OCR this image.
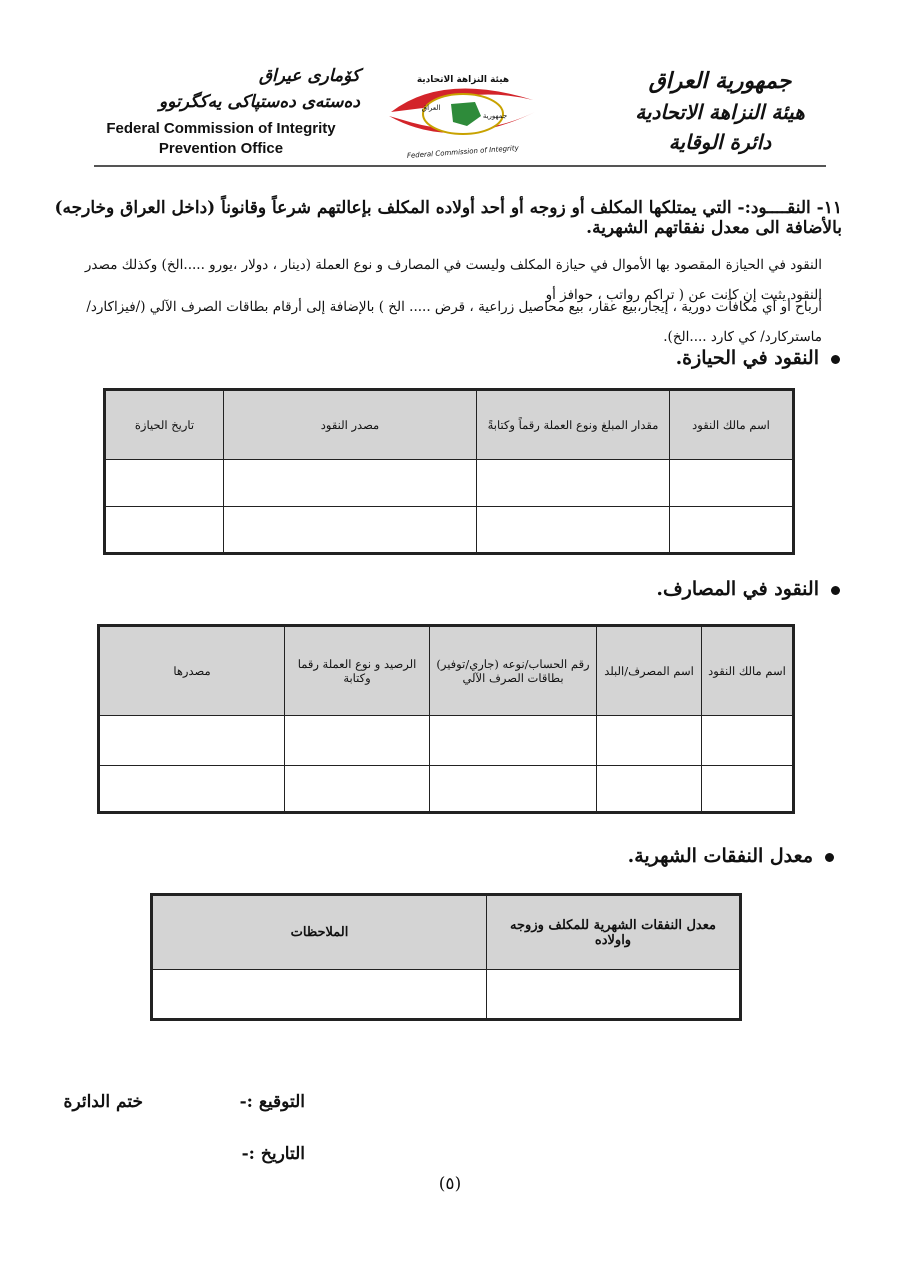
كۆمارى عيراق
دەستەى دەستپاكى يەكگرتوو
Federal Commission of Integrity
Prevention Office
هيئة النزاهة الاتحادية
Federal Commission of Integrity
جمهورية
العراق
جمهورية العراق
هيئة النزاهة الاتحادية
دائرة الوقاية
١١- النقــــود:- التي يمتلكها المكلف أو زوجه أو أحد أولاده المكلف بإعالتهم شرعاً وقانوناً (داخل العراق وخارجه) بالأضافة الى معدل نفقاتهم الشهرية.
النقود في الحيازة المقصود بها الأموال في حيازة المكلف وليست في المصارف و نوع العملة (دينار ، دولار ،يورو .....الخ) وكذلك مصدر النقود يثبت إن كانت عن ( تراكم رواتب ، حوافز أو
أرباح أو أي مكافآت دورية ، إيجار،بيع عقار، بيع محاصيل زراعية ، قرض ..... الخ ) بالإضافة إلى أرقام بطاقات الصرف الآلي (/فيزاكارد/ماستركارد/ كي كارد ....الخ).
النقود في الحيازة.
اسم مالك النقود	مقدار المبلغ ونوع العملة رقماً وكتابةً	مصدر النقود	تاريخ الحيازة

النقود في المصارف.
اسم مالك النقود	اسم المصرف/البلد	رقم الحساب/نوعه (جاري/توفير) بطاقات الصرف الآلي	الرصيد و نوع العملة رقما وكتابة	مصدرها

معدل النفقات الشهرية.
معدل النفقات الشهرية للمكلف وزوجه واولاده	الملاحظات

التوقيع :-
ختم الدائرة
التاريخ :-
(٥)
